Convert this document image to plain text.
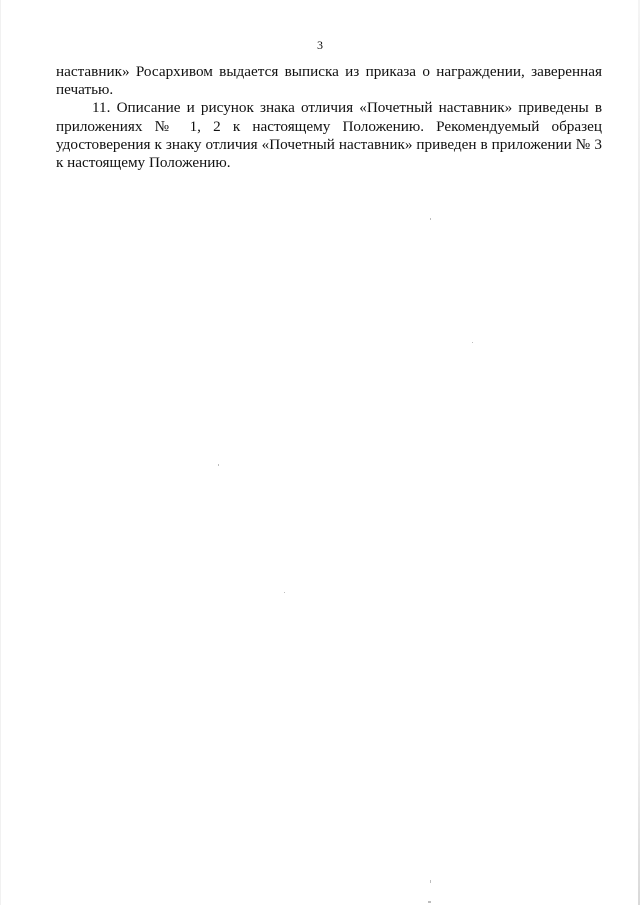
3

наставник» Росархивом выдается выписка из приказа о награждении, заверенная печатью.

11. Описание и рисунок знака отличия «Почетный наставник» приведены в приложениях № 1, 2 к настоящему Положению. Рекомендуемый образец удостоверения к знаку отличия «Почетный наставник» приведен в приложении № 3 к настоящему Положению.
